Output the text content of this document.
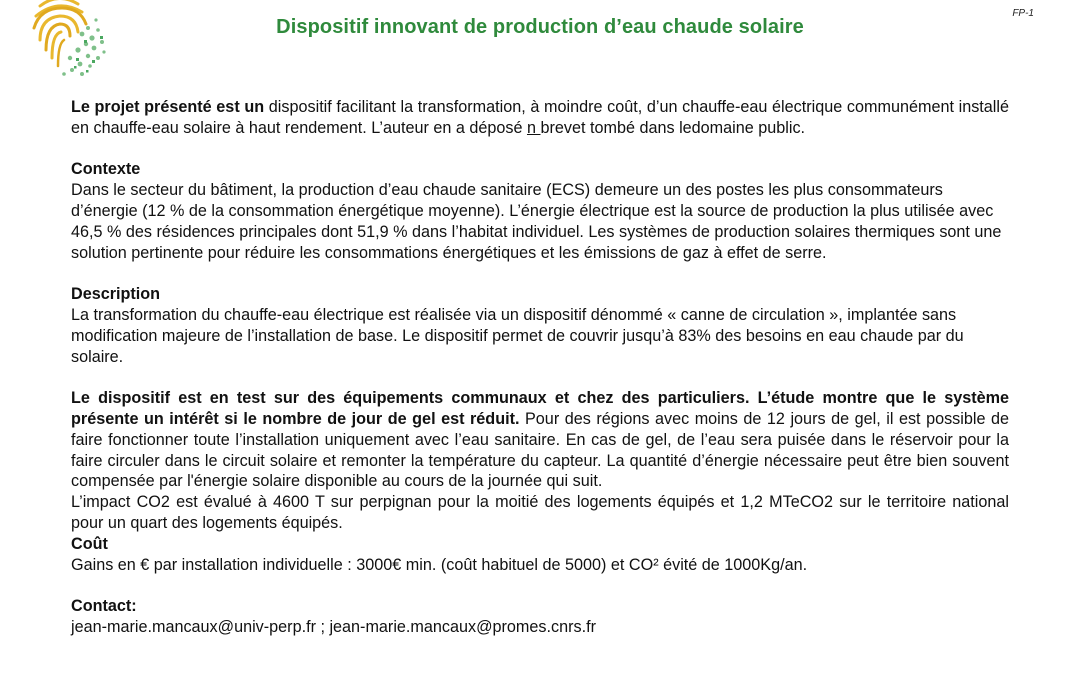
Dispositif innovant de production d’eau chaude solaire
FP-1

Le projet présenté est un dispositif facilitant la transformation, à moindre coût, d’un chauffe-eau électrique communément installé en chauffe-eau solaire à haut rendement. L’auteur en a déposé n brevet tombé dans ledomaine public.

Contexte

Dans le secteur du bâtiment, la production d’eau chaude sanitaire (ECS) demeure un des postes les plus consommateurs d’énergie (12 % de la consommation énergétique moyenne). L’énergie électrique est la source de production la plus utilisée avec 46,5 % des résidences principales dont 51,9 % dans l’habitat individuel. Les systèmes de production solaires thermiques sont une solution pertinente pour réduire les consommations énergétiques et les émissions de gaz à effet de serre.

Description

La transformation du chauffe-eau électrique est réalisée via un dispositif dénommé « canne de circulation », implantée sans modification majeure de l’installation de base. Le dispositif permet de couvrir jusqu’à 83% des besoins en eau chaude par du solaire.

Le dispositif est en test sur des équipements communaux et chez des particuliers. L’étude montre que le système présente un intérêt si le nombre de jour de gel est réduit. Pour des régions avec moins de 12 jours de gel, il est possible de faire fonctionner toute l’installation uniquement avec l’eau sanitaire. En cas de gel, de l’eau sera puisée dans le réservoir pour la faire circuler dans le circuit solaire et remonter la température du capteur. La quantité d’énergie nécessaire peut être bien souvent compensée par l'énergie solaire disponible au cours de la journée qui suit.

L’impact CO2 est évalué à 4600 T sur perpignan pour la moitié des logements équipés et 1,2 MTeCO2 sur le territoire national pour un quart des logements équipés.

Coût

Gains en € par installation individuelle : 3000€ min. (coût habituel de 5000) et CO² évité de 1000Kg/an.

Contact:

jean-marie.mancaux@univ-perp.fr ; jean-marie.mancaux@promes.cnrs.fr
